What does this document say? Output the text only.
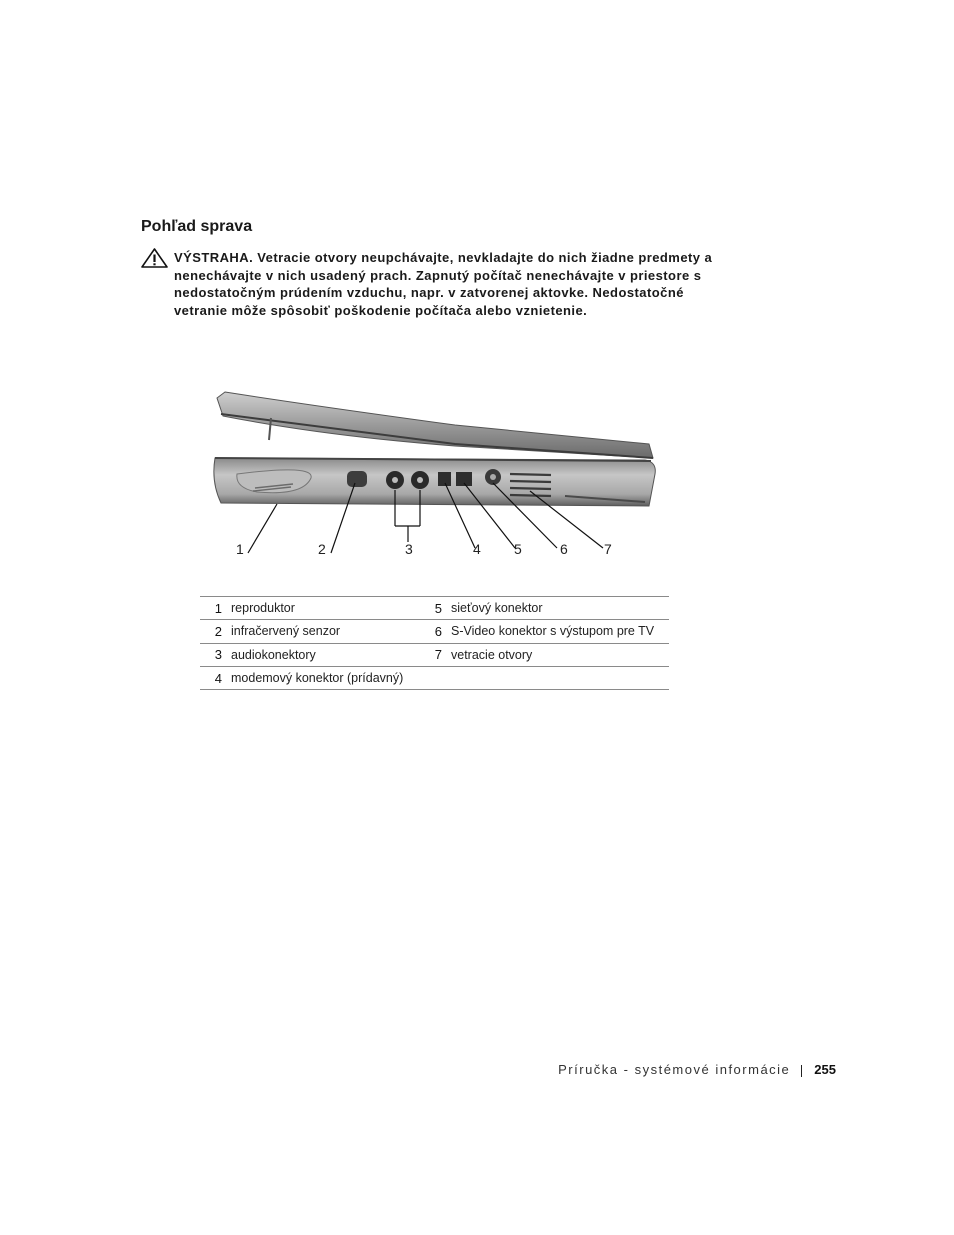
Pohľad sprava

VÝSTRAHA. Vetracie otvory neupchávajte, nevkladajte do nich žiadne predmety a nenechávajte v nich usadený prach. Zapnutý počítač nenechávajte v priestore s nedostatočným prúdením vzduchu, napr. v zatvorenej aktovke. Nedostatočné vetranie môže spôsobiť poškodenie počítača alebo vznietenie.

1	2	3	4 5	6	7
1	reproduktor	5	sieťový konektor
2	infračervený senzor	6	S-Video konektor s výstupom pre TV
3	audiokonektory	7	vetracie otvory
4	modemový konektor (prídavný)		
Príručka - systémové informácie 255
